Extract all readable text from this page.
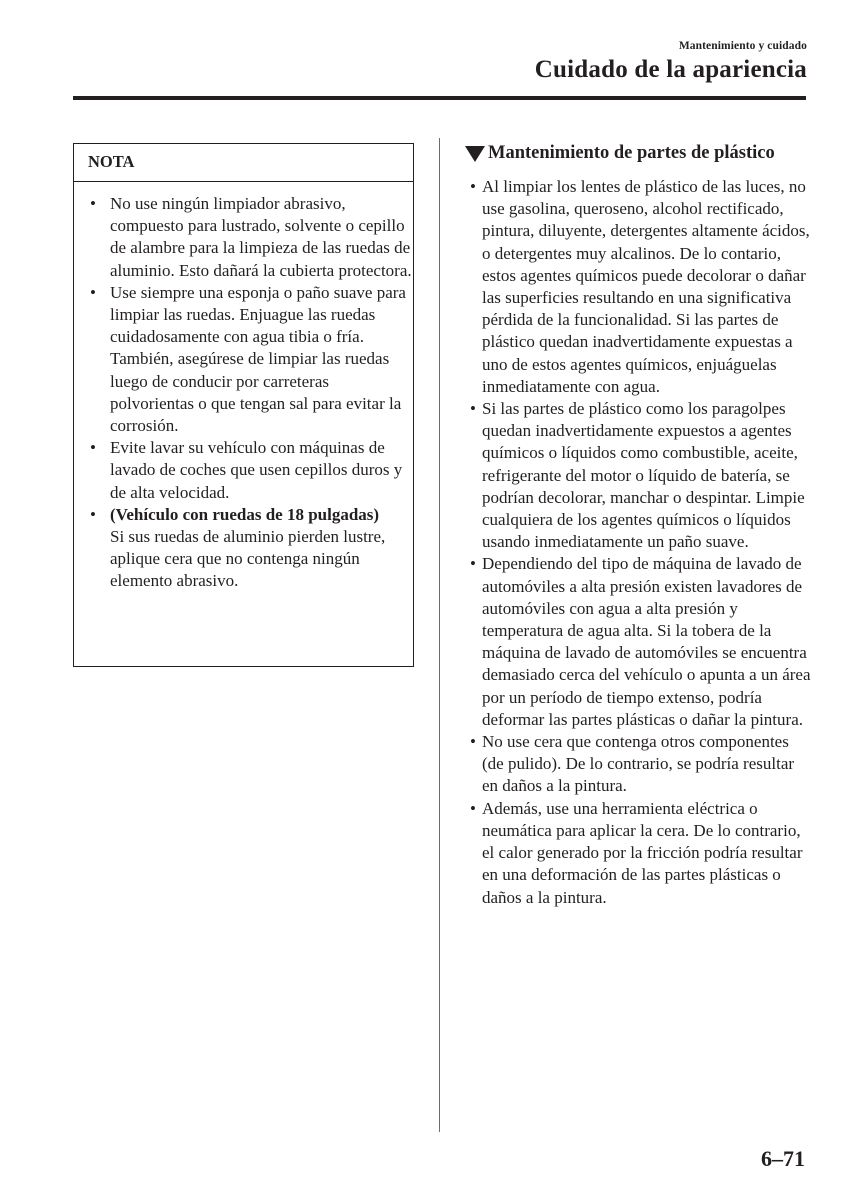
Mantenimiento y cuidado
Cuidado de la apariencia
NOTA
• No use ningún limpiador abrasivo, compuesto para lustrado, solvente o cepillo de alambre para la limpieza de las ruedas de aluminio. Esto dañará la cubierta protectora.
• Use siempre una esponja o paño suave para limpiar las ruedas. Enjuague las ruedas cuidadosamente con agua tibia o fría. También, asegúrese de limpiar las ruedas luego de conducir por carreteras polvorientas o que tengan sal para evitar la corrosión.
• Evite lavar su vehículo con máquinas de lavado de coches que usen cepillos duros y de alta velocidad.
• (Vehículo con ruedas de 18 pulgadas)
Si sus ruedas de aluminio pierden lustre, aplique cera que no contenga ningún elemento abrasivo.
Mantenimiento de partes de plástico
• Al limpiar los lentes de plástico de las luces, no use gasolina, queroseno, alcohol rectificado, pintura, diluyente, detergentes altamente ácidos, o detergentes muy alcalinos. De lo contario, estos agentes químicos puede decolorar o dañar las superficies resultando en una significativa pérdida de la funcionalidad. Si las partes de plástico quedan inadvertidamente expuestas a uno de estos agentes químicos, enjuáguelas inmediatamente con agua.
• Si las partes de plástico como los paragolpes quedan inadvertidamente expuestos a agentes químicos o líquidos como combustible, aceite, refrigerante del motor o líquido de batería, se podrían decolorar, manchar o despintar. Limpie cualquiera de los agentes químicos o líquidos usando inmediatamente un paño suave.
• Dependiendo del tipo de máquina de lavado de automóviles a alta presión existen lavadores de automóviles con agua a alta presión y temperatura de agua alta. Si la tobera de la máquina de lavado de automóviles se encuentra demasiado cerca del vehículo o apunta a un área por un período de tiempo extenso, podría deformar las partes plásticas o dañar la pintura.
• No use cera que contenga otros componentes (de pulido). De lo contrario, se podría resultar en daños a la pintura.
• Además, use una herramienta eléctrica o neumática para aplicar la cera. De lo contrario, el calor generado por la fricción podría resultar en una deformación de las partes plásticas o daños a la pintura.
6–71
